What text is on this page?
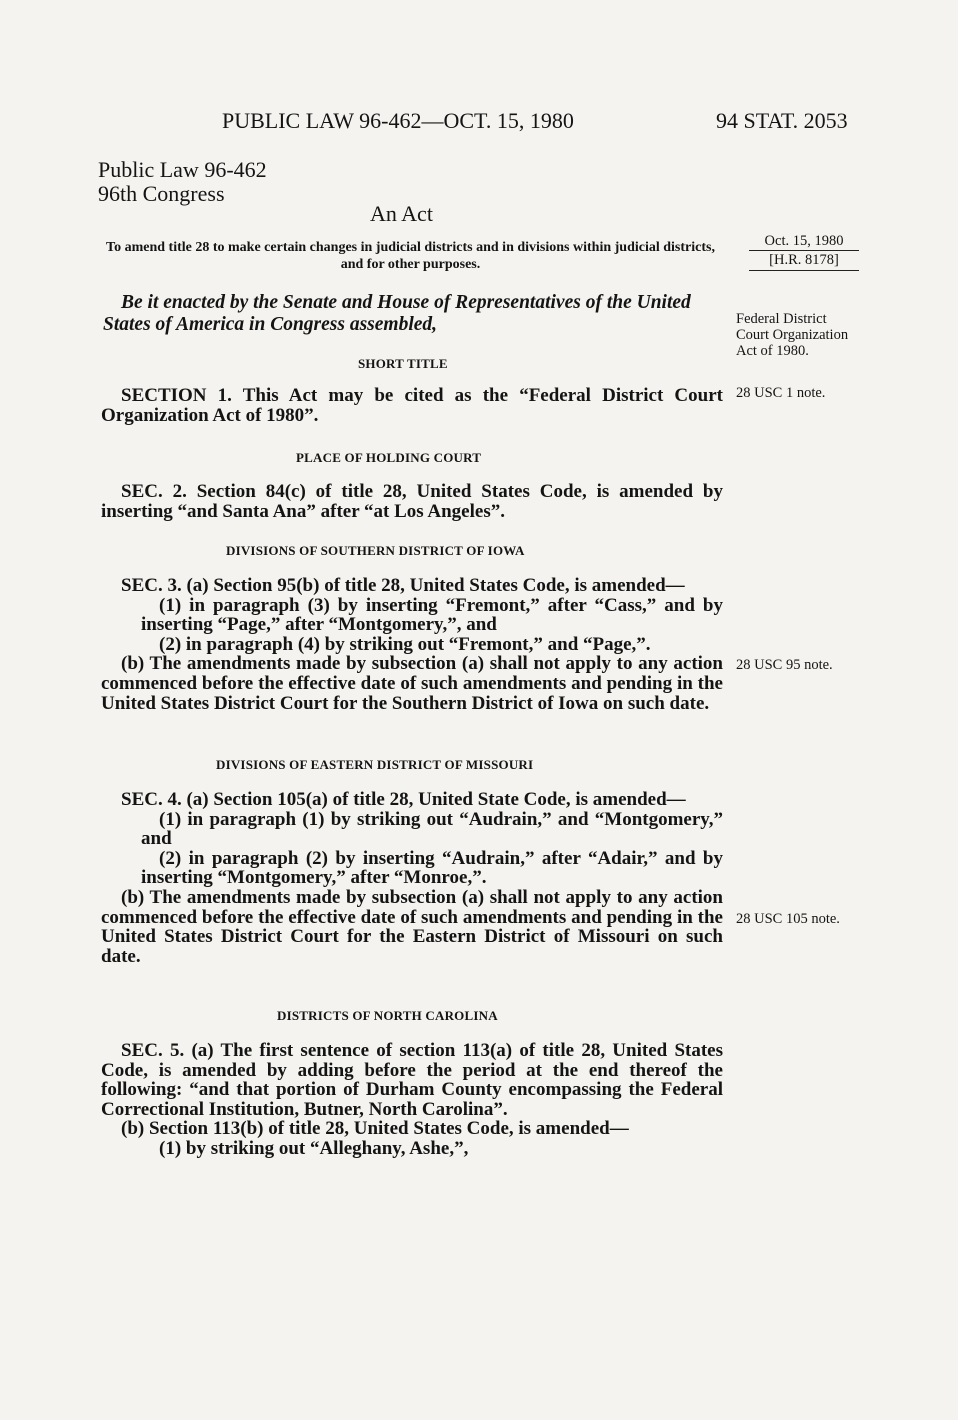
PUBLIC LAW 96-462—OCT. 15, 1980	94 STAT. 2053
Public Law 96-462
96th Congress
An Act
To amend title 28 to make certain changes in judicial districts and in divisions within judicial districts, and for other purposes.
Oct. 15, 1980
[H.R. 8178]
Be it enacted by the Senate and House of Representatives of the United States of America in Congress assembled,	Federal District Court Organization Act of 1980.
SHORT TITLE

SECTION 1. This Act may be cited as the “Federal District Court Organization Act of 1980”.

28 USC 1 note.
PLACE OF HOLDING COURT

SEC. 2. Section 84(c) of title 28, United States Code, is amended by inserting “and Santa Ana” after “at Los Angeles”.

DIVISIONS OF SOUTHERN DISTRICT OF IOWA

SEC. 3. (a) Section 95(b) of title 28, United States Code, is amended—

(1) in paragraph (3) by inserting “Fremont,” after “Cass,” and by inserting “Page,” after “Montgomery,”, and

(2) in paragraph (4) by striking out “Fremont,” and “Page,”.

(b) The amendments made by subsection (a) shall not apply to any action commenced before the effective date of such amendments and pending in the United States District Court for the Southern District of Iowa on such date.

28 USC 95 note.
DIVISIONS OF EASTERN DISTRICT OF MISSOURI

SEC. 4. (a) Section 105(a) of title 28, United State Code, is amended—

(1) in paragraph (1) by striking out “Audrain,” and “Montgomery,” and

(2) in paragraph (2) by inserting “Audrain,” after “Adair,” and by inserting “Montgomery,” after “Monroe,”.

(b) The amendments made by subsection (a) shall not apply to any action commenced before the effective date of such amendments and pending in the United States District Court for the Eastern District of Missouri on such date.

28 USC 105 note.
DISTRICTS OF NORTH CAROLINA

SEC. 5. (a) The first sentence of section 113(a) of title 28, United States Code, is amended by adding before the period at the end thereof the following: “and that portion of Durham County encompassing the Federal Correctional Institution, Butner, North Carolina”.

(b) Section 113(b) of title 28, United States Code, is amended—

(1) by striking out “Alleghany, Ashe,”,
